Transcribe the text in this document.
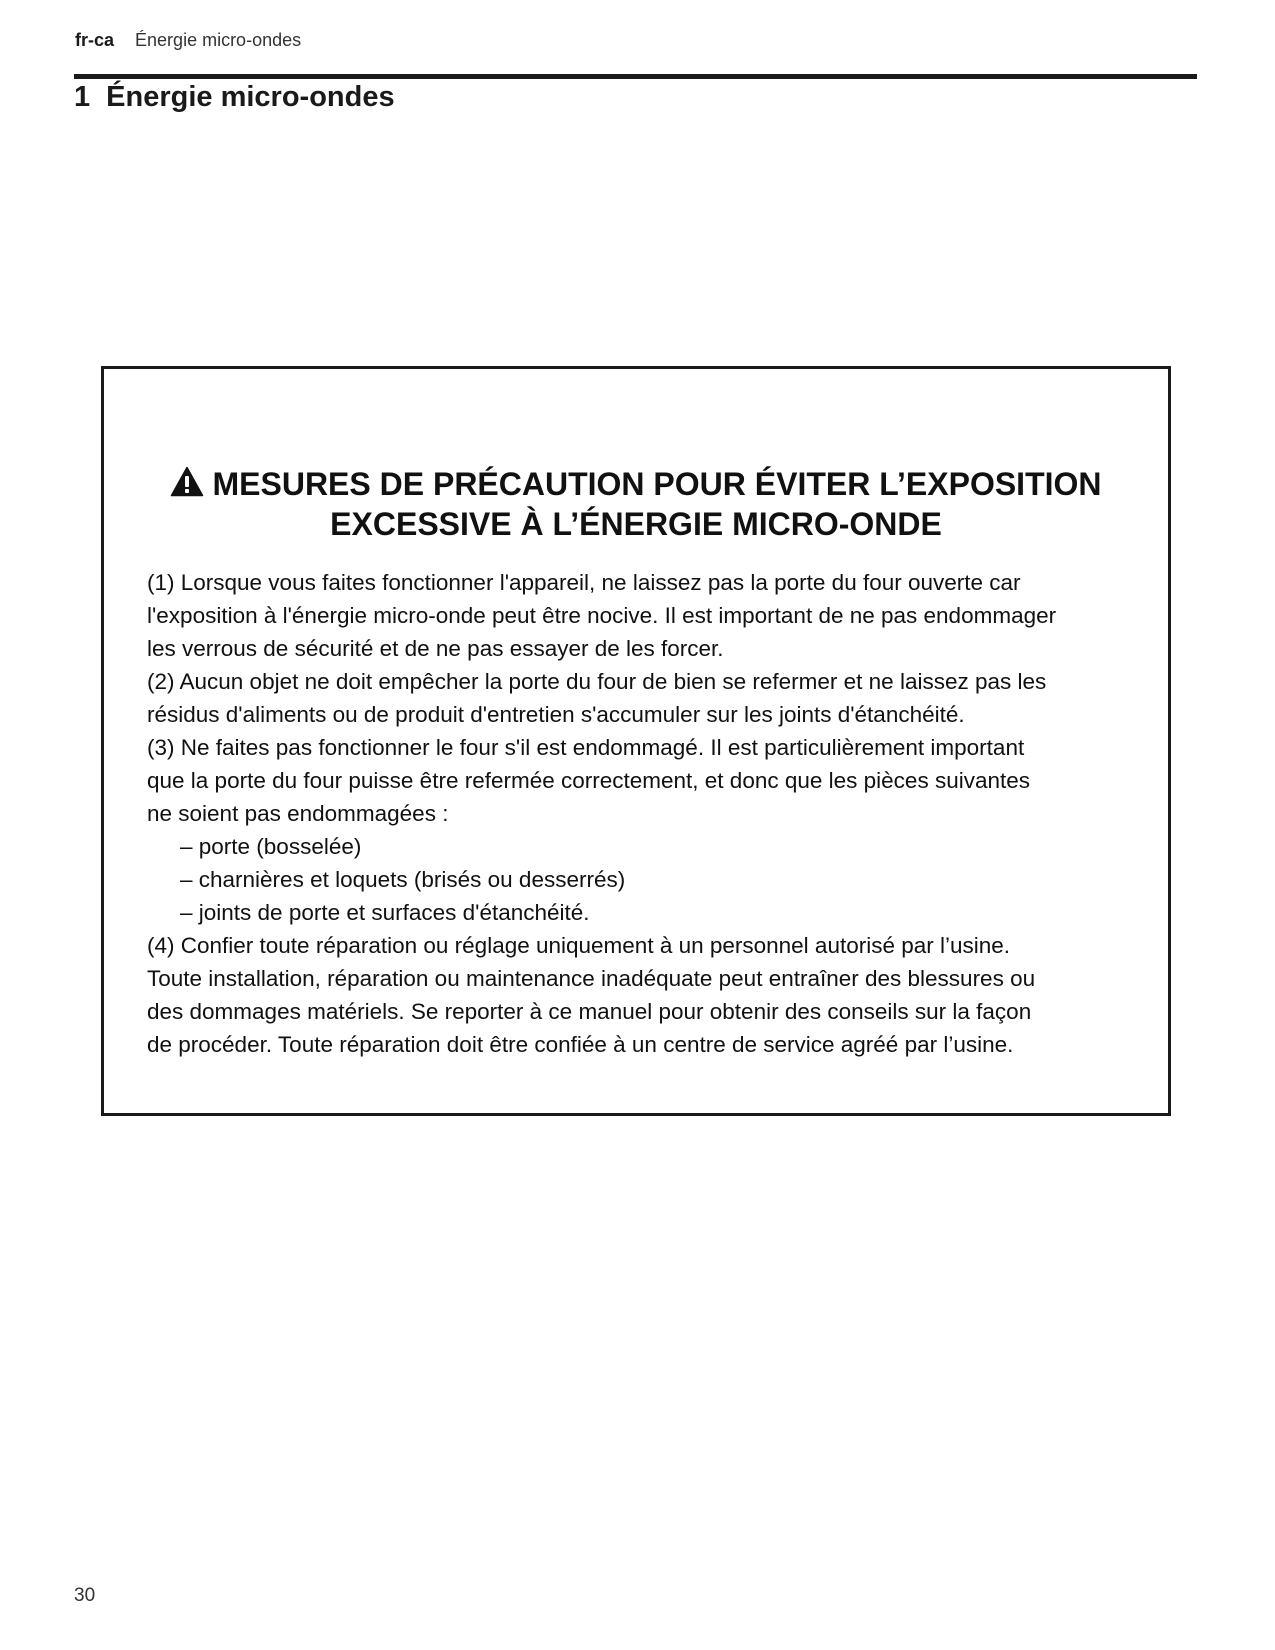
fr-ca Énergie micro-ondes
1 Énergie micro-ondes
MESURES DE PRÉCAUTION POUR ÉVITER L’EXPOSITION
EXCESSIVE À L’ÉNERGIE MICRO-ONDE

(1) Lorsque vous faites fonctionner l'appareil, ne laissez pas la porte du four ouverte car

l'exposition à l'énergie micro-onde peut être nocive. Il est important de ne pas endommager

les verrous de sécurité et de ne pas essayer de les forcer.

(2) Aucun objet ne doit empêcher la porte du four de bien se refermer et ne laissez pas les

résidus d'aliments ou de produit d'entretien s'accumuler sur les joints d'étanchéité.

(3) Ne faites pas fonctionner le four s'il est endommagé. Il est particulièrement important

que la porte du four puisse être refermée correctement, et donc que les pièces suivantes

ne soient pas endommagées :

– porte (bosselée)
– charnières et loquets (brisés ou desserrés)
– joints de porte et surfaces d'étanchéité.

(4) Confier toute réparation ou réglage uniquement à un personnel autorisé par l’usine.

Toute installation, réparation ou maintenance inadéquate peut entraîner des blessures ou

des dommages matériels. Se reporter à ce manuel pour obtenir des conseils sur la façon

de procéder. Toute réparation doit être confiée à un centre de service agréé par l’usine.

30
